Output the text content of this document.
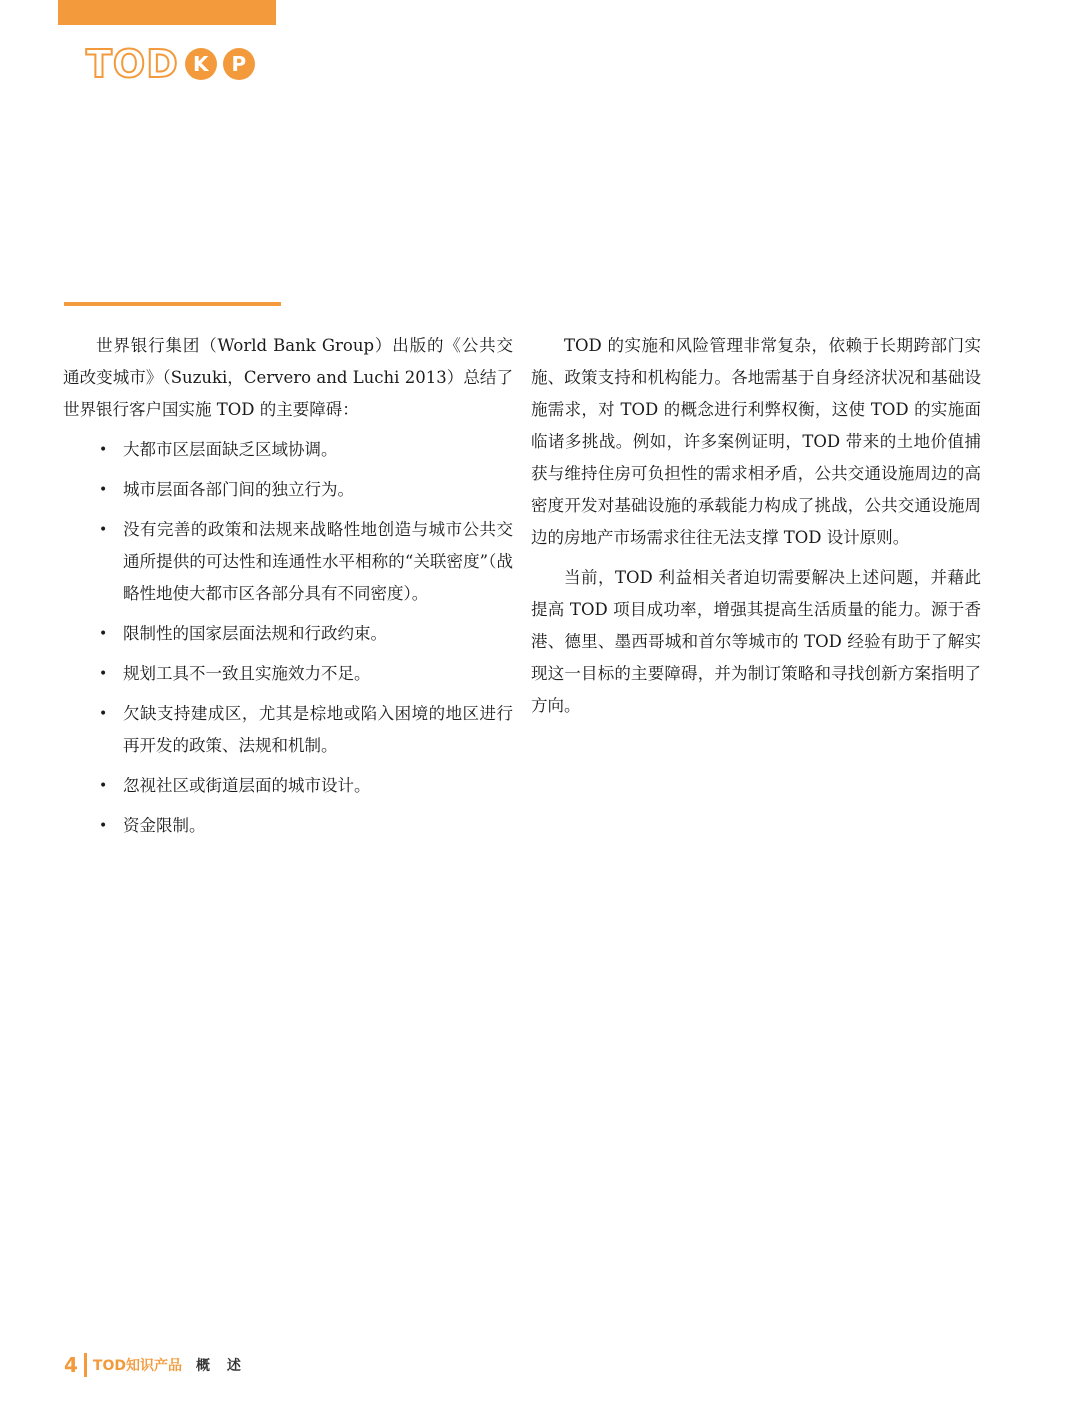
TOD K	P

世界银行集团（World Bank Group）出版的《公共交通改变城市》（Suzuki，Cervero and Luchi 2013）总结了世界银行客户国实施 TOD 的主要障碍：

• 大都市区层面缺乏区域协调。
• 城市层面各部门间的独立行为。
• 没有完善的政策和法规来战略性地创造与城市公共交通所提供的可达性和连通性水平相称的“关联密度”（战略性地使大都市区各部分具有不同密度）。
• 限制性的国家层面法规和行政约束。
• 规划工具不一致且实施效力不足。
• 欠缺支持建成区，尤其是棕地或陷入困境的地区进行再开发的政策、法规和机制。
• 忽视社区或街道层面的城市设计。
• 资金限制。

TOD 的实施和风险管理非常复杂，依赖于长期跨部门实施、政策支持和机构能力。各地需基于自身经济状况和基础设施需求，对 TOD 的概念进行利弊权衡，这使 TOD 的实施面临诸多挑战。例如，许多案例证明，TOD 带来的土地价值捕获与维持住房可负担性的需求相矛盾，公共交通设施周边的高密度开发对基础设施的承载能力构成了挑战，公共交通设施周边的房地产市场需求往往无法支撑 TOD 设计原则。

当前，TOD 利益相关者迫切需要解决上述问题，并藉此提高 TOD 项目成功率，增强其提高生活质量的能力。源于香港、德里、墨西哥城和首尔等城市的 TOD 经验有助于了解实现这一目标的主要障碍，并为制订策略和寻找创新方案指明了方向。

4 TOD知识产品 概 述
